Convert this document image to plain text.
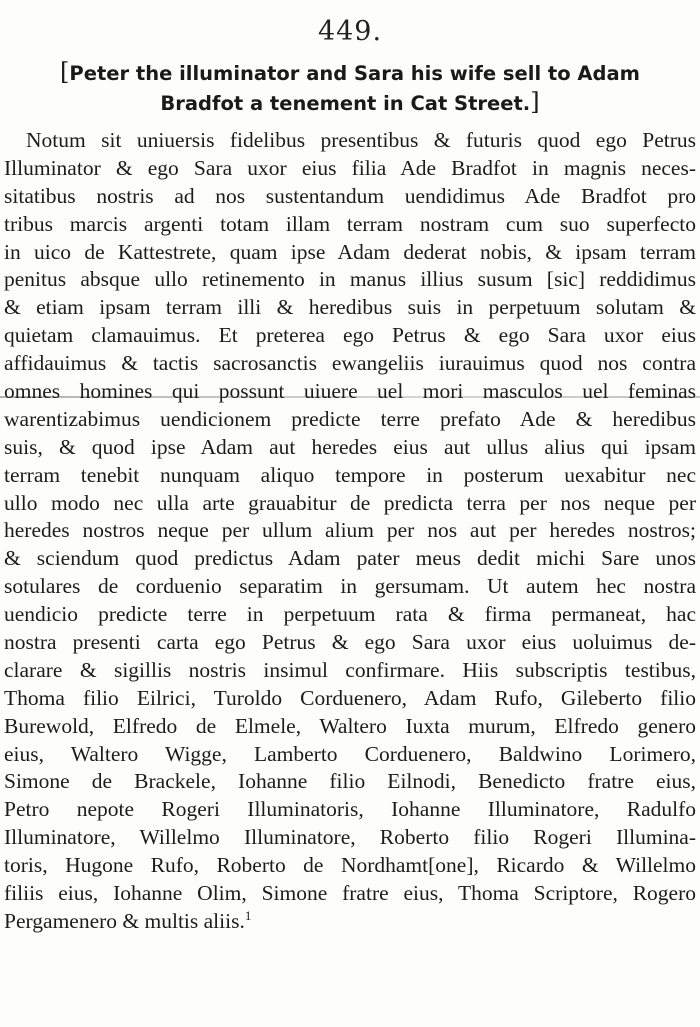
449.
[Peter the illuminator and Sara his wife sell to Adam
Bradfot a tenement in Cat Street.]
Notum sit uniuersis fidelibus presentibus & futuris quod ego Petrus
Illuminator & ego Sara uxor eius filia Ade Bradfot in magnis neces-
sitatibus nostris ad nos sustentandum uendidimus Ade Bradfot pro
tribus marcis argenti totam illam terram nostram cum suo superfecto
in uico de Kattestrete, quam ipse Adam dederat nobis, & ipsam terram
penitus absque ullo retinemento in manus illius susum [sic] reddidimus
& etiam ipsam terram illi & heredibus suis in perpetuum solutam &
quietam clamauimus. Et preterea ego Petrus & ego Sara uxor eius
affidauimus & tactis sacrosanctis ewangeliis iurauimus quod nos contra
omnes homines qui possunt uiuere uel mori masculos uel feminas
warentizabimus uendicionem predicte terre prefato Ade & heredibus
suis, & quod ipse Adam aut heredes eius aut ullus alius qui ipsam
terram tenebit nunquam aliquo tempore in posterum uexabitur nec
ullo modo nec ulla arte grauabitur de predicta terra per nos neque per
heredes nostros neque per ullum alium per nos aut per heredes nostros;
& sciendum quod predictus Adam pater meus dedit michi Sare unos
sotulares de corduenio separatim in gersumam. Ut autem hec nostra
uendicio predicte terre in perpetuum rata & firma permaneat, hac
nostra presenti carta ego Petrus & ego Sara uxor eius uoluimus de-
clarare & sigillis nostris insimul confirmare. Hiis subscriptis testibus,
Thoma filio Eilrici, Turoldo Corduenero, Adam Rufo, Gileberto filio
Burewold, Elfredo de Elmele, Waltero Iuxta murum, Elfredo genero
eius, Waltero Wigge, Lamberto Corduenero, Baldwino Lorimero,
Simone de Brackele, Iohanne filio Eilnodi, Benedicto fratre eius,
Petro nepote Rogeri Illuminatoris, Iohanne Illuminatore, Radulfo
Illuminatore, Willelmo Illuminatore, Roberto filio Rogeri Illumina-
toris, Hugone Rufo, Roberto de Nordhamt[one], Ricardo & Willelmo
filiis eius, Iohanne Olim, Simone fratre eius, Thoma Scriptore, Rogero
Pergamenero & multis aliis.$^1$
